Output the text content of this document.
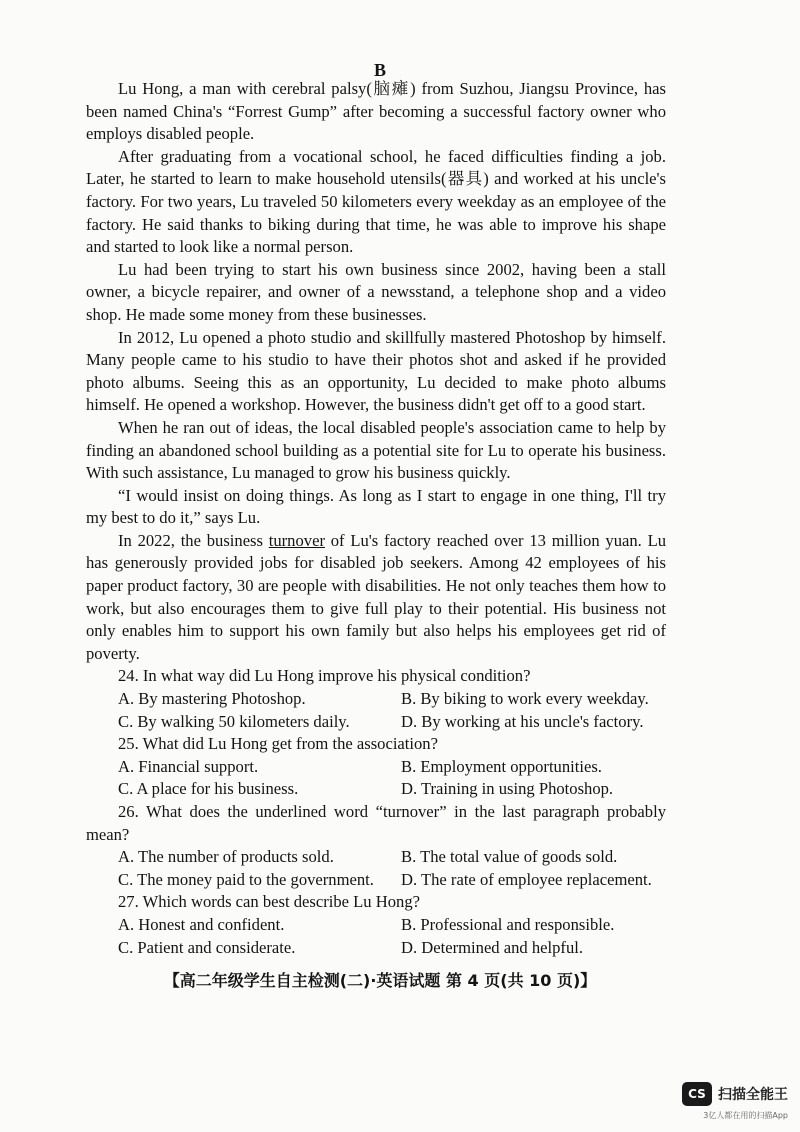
B

Lu Hong, a man with cerebral palsy(脑瘫) from Suzhou, Jiangsu Province, has been named China's “Forrest Gump” after becoming a successful factory owner who employs disabled people.

After graduating from a vocational school, he faced difficulties finding a job. Later, he started to learn to make household utensils(器具) and worked at his uncle's factory. For two years, Lu traveled 50 kilometers every weekday as an employee of the factory. He said thanks to biking during that time, he was able to improve his shape and started to look like a normal person.

Lu had been trying to start his own business since 2002, having been a stall owner, a bicycle repairer, and owner of a newsstand, a telephone shop and a video shop. He made some money from these businesses.

In 2012, Lu opened a photo studio and skillfully mastered Photoshop by himself. Many people came to his studio to have their photos shot and asked if he provided photo albums. Seeing this as an opportunity, Lu decided to make photo albums himself. He opened a workshop. However, the business didn't get off to a good start.

When he ran out of ideas, the local disabled people's association came to help by finding an abandoned school building as a potential site for Lu to operate his business. With such assistance, Lu managed to grow his business quickly.

“I would insist on doing things. As long as I start to engage in one thing, I'll try my best to do it,” says Lu.

In 2022, the business turnover of Lu's factory reached over 13 million yuan. Lu has generously provided jobs for disabled job seekers. Among 42 employees of his paper product factory, 30 are people with disabilities. He not only teaches them how to work, but also encourages them to give full play to their potential. His business not only enables him to support his own family but also helps his employees get rid of poverty.

24. In what way did Lu Hong improve his physical condition?

A. By mastering Photoshop.	B. By biking to work every weekday.
C. By walking 50 kilometers daily.	D. By working at his uncle's factory.

25. What did Lu Hong get from the association?

A. Financial support.	B. Employment opportunities.
C. A place for his business.	D. Training in using Photoshop.

26. What does the underlined word “turnover” in the last paragraph probably mean?

A. The number of products sold.	B. The total value of goods sold.
C. The money paid to the government.	D. The rate of employee replacement.

27. Which words can best describe Lu Hong?

A. Honest and confident.	B. Professional and responsible.
C. Patient and considerate.	D. Determined and helpful.
【高二年级学生自主检测(二)·英语试题 第 4 页(共 10 页)】
CS 扫描全能王
3亿人都在用的扫描App
